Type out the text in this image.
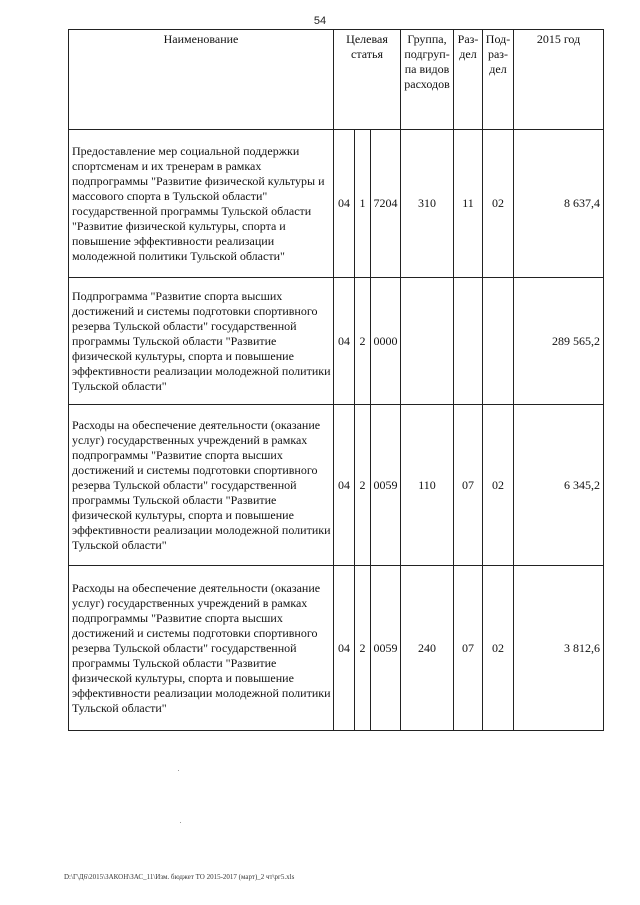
54
Наименование	Целевая статья			Группа, подгруп-па видов расходов	Раз-дел	Под-раз-дел	2015 год
Предоставление мер социальной поддержки спортсменам и их тренерам в рамках подпрограммы "Развитие физической культуры и массового спорта в Тульской области" государственной программы Тульской области "Развитие физической культуры, спорта и повышение эффективности реализации молодежной политики Тульской области"	04	1	7204	310	11	02	8 637,4
Подпрограмма "Развитие спорта высших достижений и системы подготовки спортивного резерва Тульской области" государственной программы Тульской области "Развитие физической культуры, спорта и повышение эффективности реализации молодежной политики Тульской области"	04	2	0000				289 565,2
Расходы на обеспечение деятельности (оказание услуг) государственных учреждений в рамках подпрограммы "Развитие спорта высших достижений и системы подготовки спортивного резерва Тульской области" государственной программы Тульской области "Развитие физической культуры, спорта и повышение эффективности реализации молодежной политики Тульской области"	04	2	0059	110	07	02	6 345,2
Расходы на обеспечение деятельности (оказание услуг) государственных учреждений в рамках подпрограммы "Развитие спорта высших достижений и системы подготовки спортивного резерва Тульской области" государственной программы Тульской области "Развитие физической культуры, спорта и повышение эффективности реализации молодежной политики Тульской области"	04	2	0059	240	07	02	3 812,6
D:\Г\Д6\2015\ЗАКОН\ЗАС_11\Изм. бюджет ТО 2015-2017 (март)_2 чт\рг5.xls
